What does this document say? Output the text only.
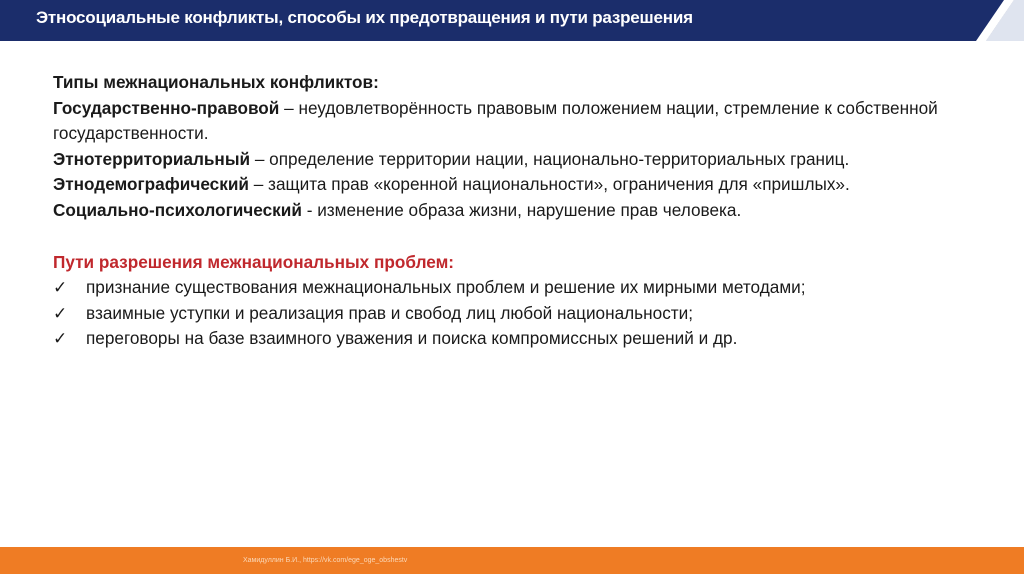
Этносоциальные конфликты, способы их предотвращения и пути разрешения

Типы межнациональных конфликтов:

Государственно-правовой – неудовлетворённость правовым положением нации, стремление к собственной государственности.

Этнотерриториальный – определение территории нации, национально-территориальных границ.

Этнодемографический – защита прав «коренной национальности», ограничения для «пришлых».

Социально-психологический - изменение образа жизни, нарушение прав человека.

Пути разрешения межнациональных проблем:

✓ признание существования межнациональных проблем и решение их мирными методами;
✓ взаимные уступки и реализация прав и свобод лиц любой национальности;
✓ переговоры на базе взаимного уважения и поиска компромиссных решений и др.
Хамидуллин Б.И., https://vk.com/ege_oge_obshestv
